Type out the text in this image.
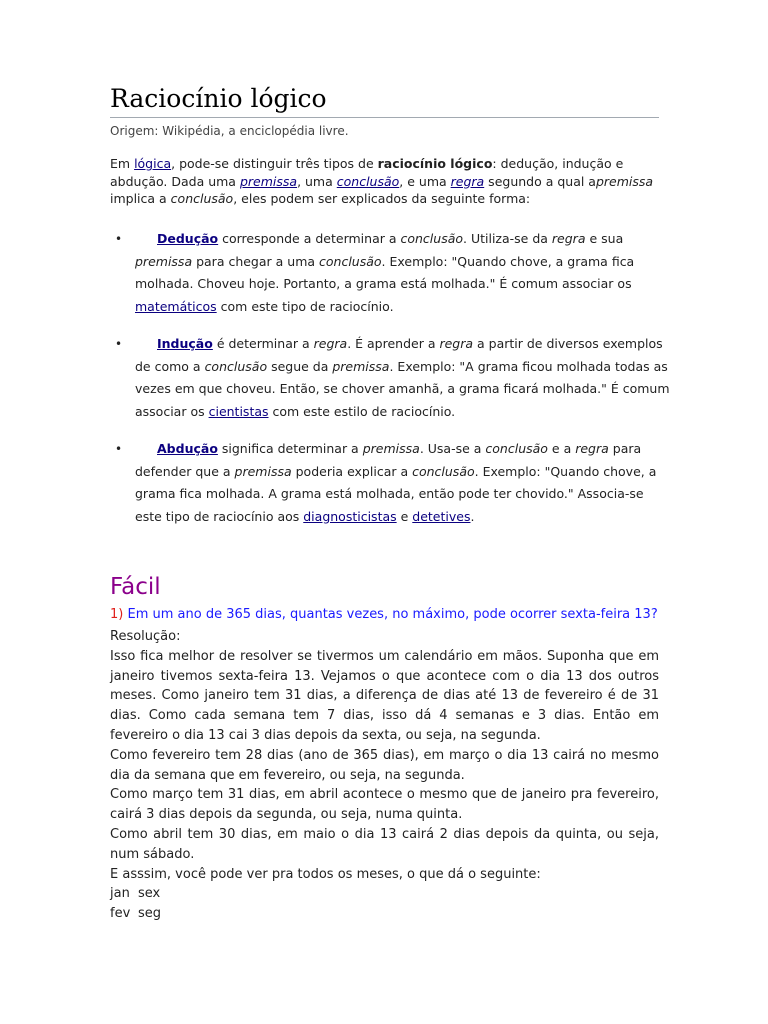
Raciocínio lógico
Origem: Wikipédia, a enciclopédia livre.
Em lógica, pode-se distinguir três tipos de raciocínio lógico: dedução, indução e abdução. Dada uma premissa, uma conclusão, e uma regra segundo a qual apremissa implica a conclusão, eles podem ser explicados da seguinte forma:
•	Dedução corresponde a determinar a conclusão. Utiliza-se da regra e sua premissa para chegar a uma conclusão. Exemplo: "Quando chove, a grama fica molhada. Choveu hoje. Portanto, a grama está molhada." É comum associar os matemáticos com este tipo de raciocínio.
•	Indução é determinar a regra. É aprender a regra a partir de diversos exemplos de como a conclusão segue da premissa. Exemplo: "A grama ficou molhada todas as vezes em que choveu. Então, se chover amanhã, a grama ficará molhada." É comum associar os cientistas com este estilo de raciocínio.
•	Abdução significa determinar a premissa. Usa-se a conclusão e a regra para defender que a premissa poderia explicar a conclusão. Exemplo: "Quando chove, a grama fica molhada. A grama está molhada, então pode ter chovido." Associa-se este tipo de raciocínio aos diagnosticistas e detetives.
Fácil
1) Em um ano de 365 dias, quantas vezes, no máximo, pode ocorrer sexta-feira 13?

Resolução:

Isso fica melhor de resolver se tivermos um calendário em mãos. Suponha que em janeiro tivemos sexta-feira 13. Vejamos o que acontece com o dia 13 dos outros meses. Como janeiro tem 31 dias, a diferença de dias até 13 de fevereiro é de 31 dias. Como cada semana tem 7 dias, isso dá 4 semanas e 3 dias. Então em fevereiro o dia 13 cai 3 dias depois da sexta, ou seja, na segunda.

Como fevereiro tem 28 dias (ano de 365 dias), em março o dia 13 cairá no mesmo dia da semana que em fevereiro, ou seja, na segunda.

Como março tem 31 dias, em abril acontece o mesmo que de janeiro pra fevereiro, cairá 3 dias depois da segunda, ou seja, numa quinta.

Como abril tem 30 dias, em maio o dia 13 cairá 2 dias depois da quinta, ou seja, num sábado.

E asssim, você pode ver pra todos os meses, o que dá o seguinte:

jan sex

fev seg
